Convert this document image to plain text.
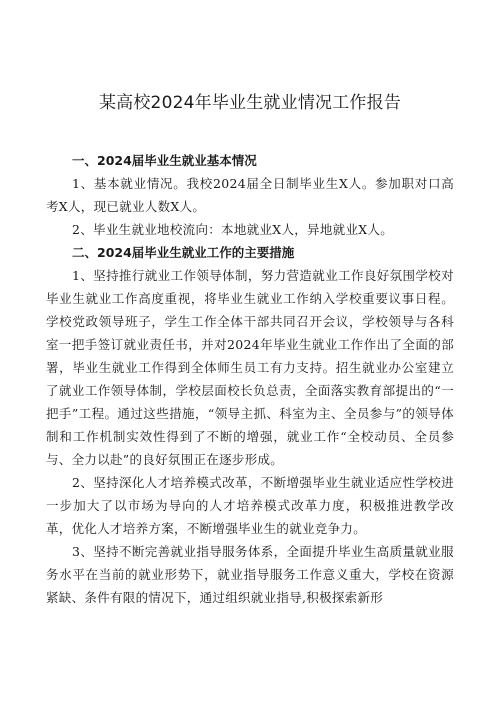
某高校2024年毕业生就业情况工作报告
一、2024届毕业生就业基本情况

1、基本就业情况。我校2024届全日制毕业生X人。参加职对口高考X人，现已就业人数X人。

2、毕业生就业地校流向：本地就业X人，异地就业X人。

二、2024届毕业生就业工作的主要措施

1、坚持推行就业工作领导体制，努力营造就业工作良好氛围学校对毕业生就业工作高度重视，将毕业生就业工作纳入学校重要议事日程。学校党政领导班子，学生工作全体干部共同召开会议，学校领导与各科室一把手签订就业责任书，并对2024年毕业生就业工作作出了全面的部署，毕业生就业工作得到全体师生员工有力支持。招生就业办公室建立了就业工作领导体制，学校层面校长负总责，全面落实教育部提出的“一把手”工程。通过这些措施，“领导主抓、科室为主、全员参与”的领导体制和工作机制实效性得到了不断的增强，就业工作“全校动员、全员参与、全力以赴”的良好氛围正在逐步形成。

2、坚持深化人才培养模式改革，不断增强毕业生就业适应性学校进一步加大了以市场为导向的人才培养模式改革力度，积极推进教学改革，优化人才培养方案，不断增强毕业生的就业竞争力。

3、坚持不断完善就业指导服务体系，全面提升毕业生高质量就业服务水平在当前的就业形势下，就业指导服务工作意义重大，学校在资源紧缺、条件有限的情况下，通过组织就业指导,积极探索新形
